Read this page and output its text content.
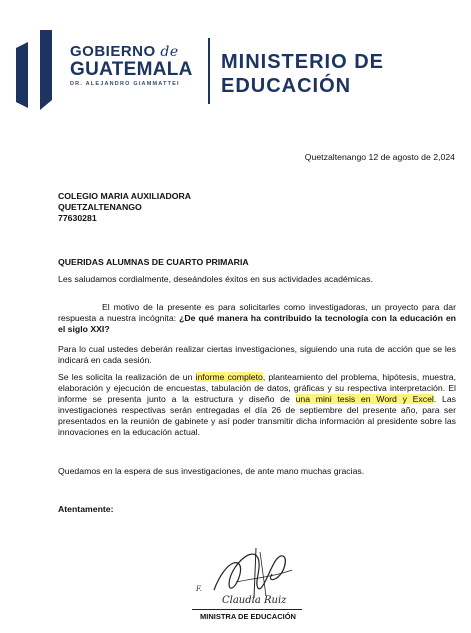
GOBIERNO de
GUATEMALA
DR. ALEJANDRO GIAMMATTEI
MINISTERIO DE
EDUCACIÓN
Quetzaltenango 12 de agosto de 2,024
COLEGIO MARIA AUXILIADORA
QUETZALTENANGO
77630281
QUERIDAS ALUMNAS DE CUARTO PRIMARIA
Les saludamos cordialmente, deseándoles éxitos en sus actividades académicas.
El motivo de la presente es para solicitarles como investigadoras, un proyecto para dar respuesta a nuestra incógnita: ¿De qué manera ha contribuido la tecnología con la educación en el siglo XXI?
Para lo cual ustedes deberán realizar ciertas investigaciones, siguiendo una ruta de acción que se les indicará en cada sesión.
Se les solicita la realización de un informe completo, planteamiento del problema, hipótesis, muestra, elaboración y ejecución de encuestas, tabulación de datos, gráficas y su respectiva interpretación. El informe se presenta junto a la estructura y diseño de una mini tesis en Word y Excel. Las investigaciones respectivas serán entregadas el día 26 de septiembre del presente año, para ser presentados en la reunión de gabinete y así poder transmitir dicha información al presidente sobre las innovaciones en la educación actual.
Quedamos en la espera de sus investigaciones, de ante mano muchas gracias.
Atentamente:
F.
Claudia Ruiz
MINISTRA DE EDUCACIÓN
